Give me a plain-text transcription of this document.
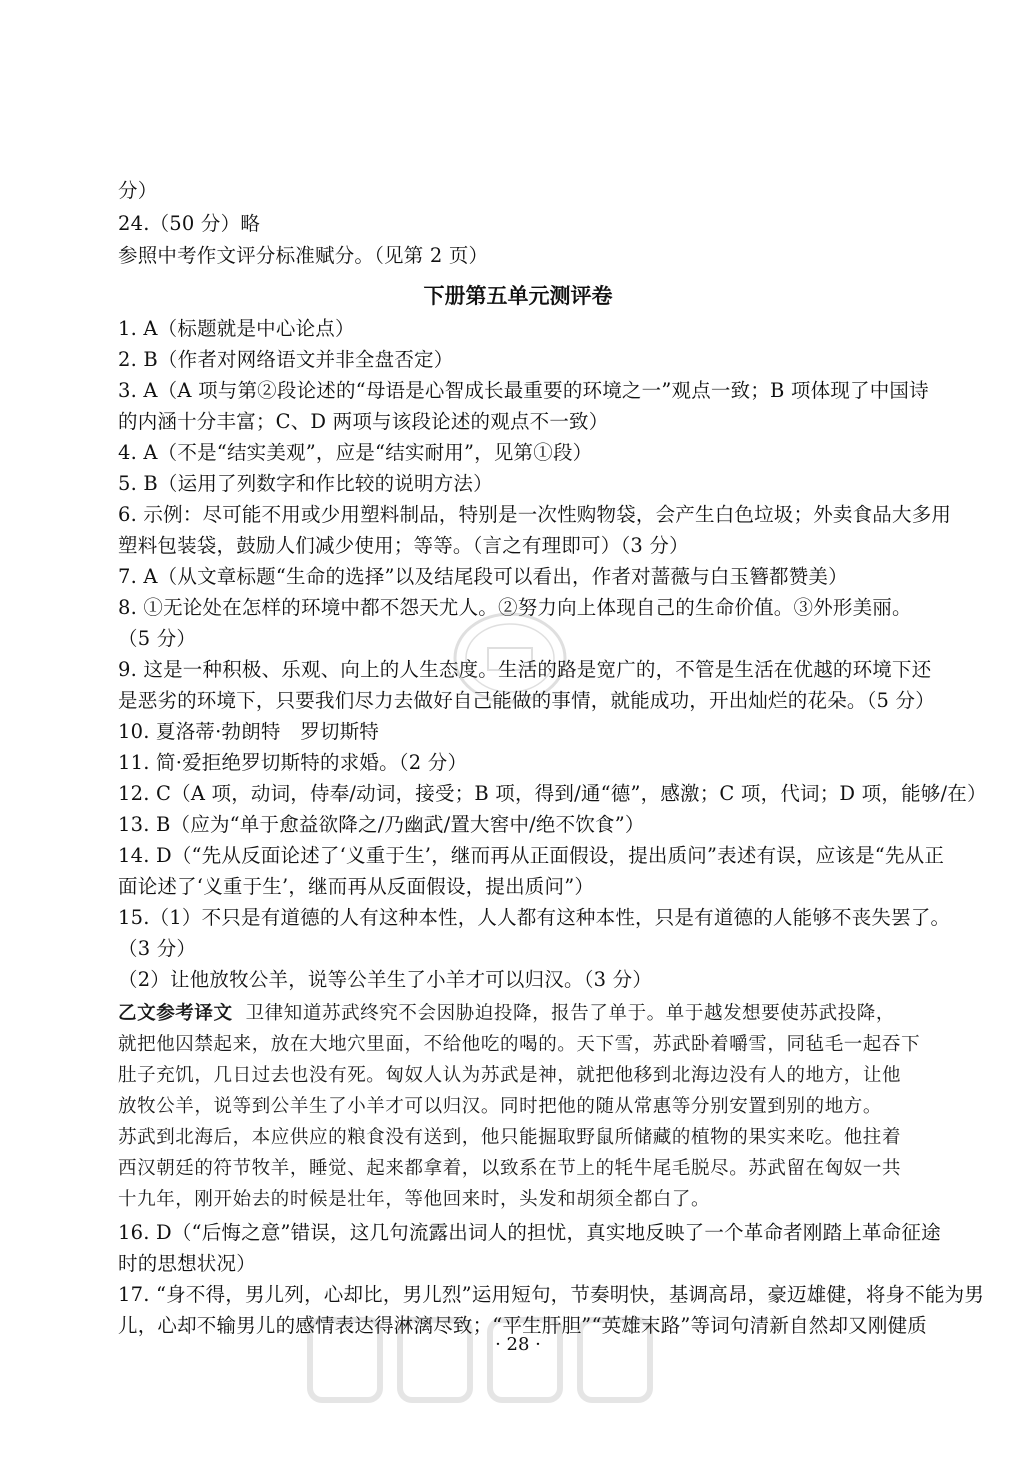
分）
24.（50 分）略
参照中考作文评分标准赋分。（见第 2 页）
下册第五单元测评卷
1. A（标题就是中心论点）
2. B（作者对网络语文并非全盘否定）
3. A（A 项与第②段论述的“母语是心智成长最重要的环境之一”观点一致；B 项体现了中国诗
的内涵十分丰富；C、D 两项与该段论述的观点不一致）
4. A（不是“结实美观”，应是“结实耐用”，见第①段）
5. B（运用了列数字和作比较的说明方法）
6. 示例：尽可能不用或少用塑料制品，特别是一次性购物袋，会产生白色垃圾；外卖食品大多用
塑料包装袋，鼓励人们减少使用；等等。（言之有理即可）（3 分）
7. A（从文章标题“生命的选择”以及结尾段可以看出，作者对蔷薇与白玉簪都赞美）
8. ①无论处在怎样的环境中都不怨天尤人。②努力向上体现自己的生命价值。③外形美丽。
（5 分）
9. 这是一种积极、乐观、向上的人生态度。生活的路是宽广的，不管是生活在优越的环境下还
是恶劣的环境下，只要我们尽力去做好自己能做的事情，就能成功，开出灿烂的花朵。（5 分）
10. 夏洛蒂·勃朗特　罗切斯特
11. 简·爱拒绝罗切斯特的求婚。（2 分）
12. C（A 项，动词，侍奉/动词，接受；B 项，得到/通“德”，感激；C 项，代词；D 项，能够/在）
13. B（应为“单于愈益欲降之/乃幽武/置大窖中/绝不饮食”）
14. D（“先从反面论述了‘义重于生’，继而再从正面假设，提出质问”表述有误，应该是“先从正
面论述了‘义重于生’，继而再从反面假设，提出质问”）
15.（1）不只是有道德的人有这种本性，人人都有这种本性，只是有道德的人能够不丧失罢了。
（3 分）
（2）让他放牧公羊，说等公羊生了小羊才可以归汉。（3 分）
乙文参考译文 卫律知道苏武终究不会因胁迫投降，报告了单于。单于越发想要使苏武投降，
就把他囚禁起来，放在大地穴里面，不给他吃的喝的。天下雪，苏武卧着嚼雪，同毡毛一起吞下
肚子充饥，几日过去也没有死。匈奴人认为苏武是神，就把他移到北海边没有人的地方，让他
放牧公羊，说等到公羊生了小羊才可以归汉。同时把他的随从常惠等分别安置到别的地方。
苏武到北海后，本应供应的粮食没有送到，他只能掘取野鼠所储藏的植物的果实来吃。他拄着
西汉朝廷的符节牧羊，睡觉、起来都拿着，以致系在节上的牦牛尾毛脱尽。苏武留在匈奴一共
十九年，刚开始去的时候是壮年，等他回来时，头发和胡须全都白了。
16. D（“后悔之意”错误，这几句流露出词人的担忧，真实地反映了一个革命者刚踏上革命征途
时的思想状况）
17. “身不得，男儿列，心却比，男儿烈”运用短句，节奏明快，基调高昂，豪迈雄健，将身不能为男
儿，心却不输男儿的感情表达得淋漓尽致；“平生肝胆”“英雄末路”等词句清新自然却又刚健质
· 28 ·
